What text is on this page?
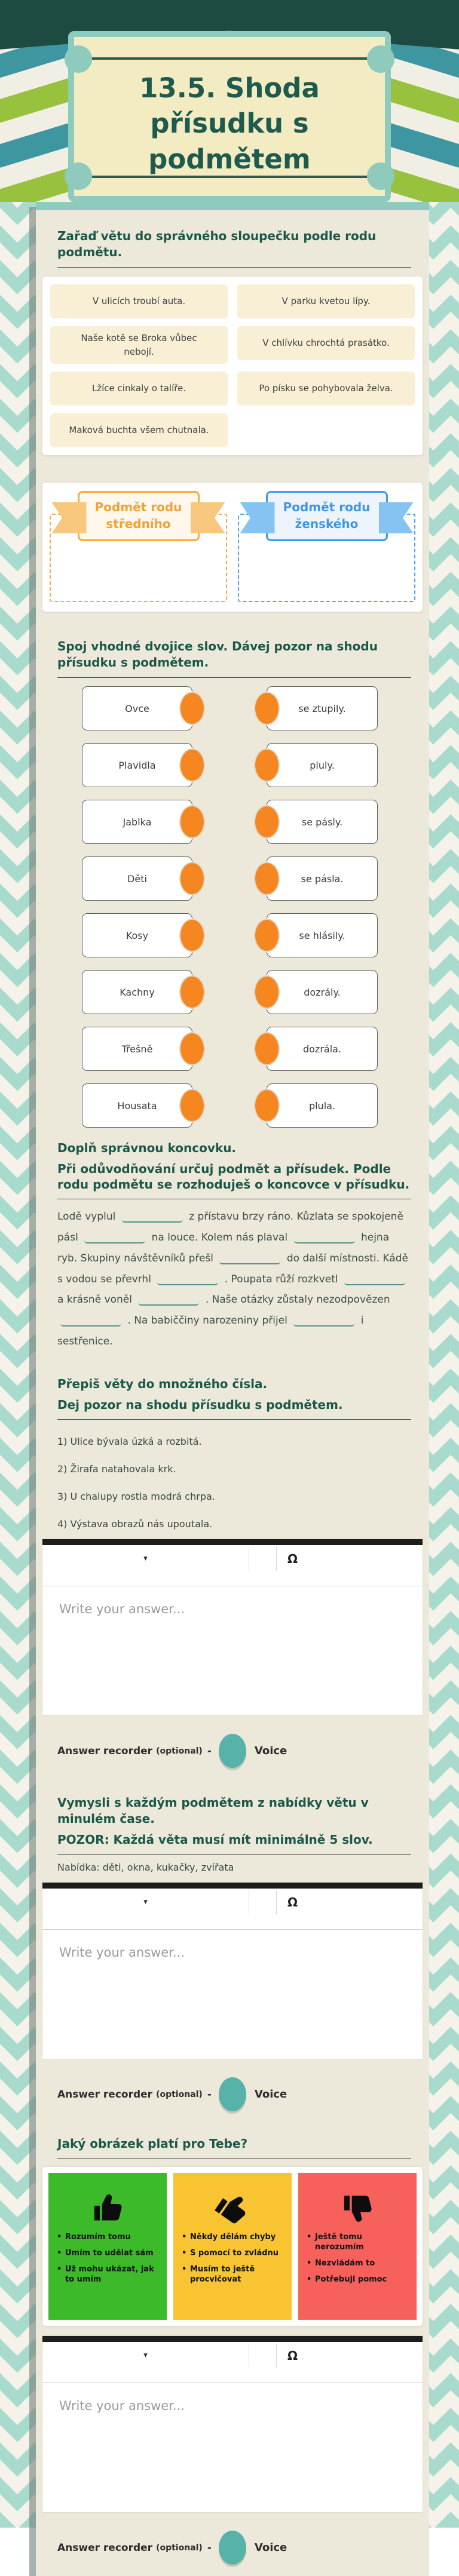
13.5. Shoda přísudku s podmětem
Zařaď větu do správného sloupečku podle rodu podmětu.
V ulicích troubí auta.	V parku kvetou lípy.
Naše kotě se Broka vůbec nebojí.
V chlívku chrochtá prasátko.
Lžíce cinkaly o talíře.	Po písku se pohybovala želva.
Maková buchta všem chutnala.
Podmět rodu středního
Podmět rodu ženského
Spoj vhodné dvojice slov. Dávej pozor na shodu přísudku s podmětem.
Ovce	se ztupily.
Plavidla	pluly.
Jablka	se pásly.
Děti	se pásla.
Kosy	se hlásily.
Kachny	dozrály.
Třešně	dozrála.
Housata	plula.
Doplň správnou koncovku.
Při odůvodňování určuj podmět a přísudek. Podle rodu podmětu se rozhoduješ o koncovce v přísudku.
Lodě vyplul	z přístavu brzy ráno. Kůzlata se spokojeně pásl	na louce. Kolem nás plaval	hejna ryb. Skupiny návštěvníků přešl	do další místnosti. Kádě s vodou se převrhl	. Poupata růží rozkvetl  a krásně voněl	. Naše otázky zůstaly nezodpovězen  . Na babiččiny narozeniny přijel	i sestřenice.
Přepiš věty do množného čísla.
Dej pozor na shodu přísudku s podmětem.
1) Ulice bývala úzká a rozbitá.
2) Žirafa natahovala krk.
3) U chalupy rostla modrá chrpa.
4) Výstava obrazů nás upoutala.
▾	Ω
Write your answer...
Answer recorder (optional) -	Voice
Vymysli s každým podmětem z nabídky větu v minulém čase.
POZOR: Každá věta musí mít minimálně 5 slov.
Nabídka: děti, okna, kukačky, zvířata
▾	Ω
Write your answer...
Answer recorder (optional) -	Voice
Jaký obrázek platí pro Tebe?
• Rozumím tomu
• Umím to udělat sám
• Už mohu ukázat, jak to umím
• Někdy dělám chyby
• S pomocí to zvládnu
• Musím to ještě procvičovat
• Ještě tomu nerozumím
• Nezvládám to
• Potřebuji pomoc
▾	Ω
Write your answer...
Answer recorder (optional) -	Voice
